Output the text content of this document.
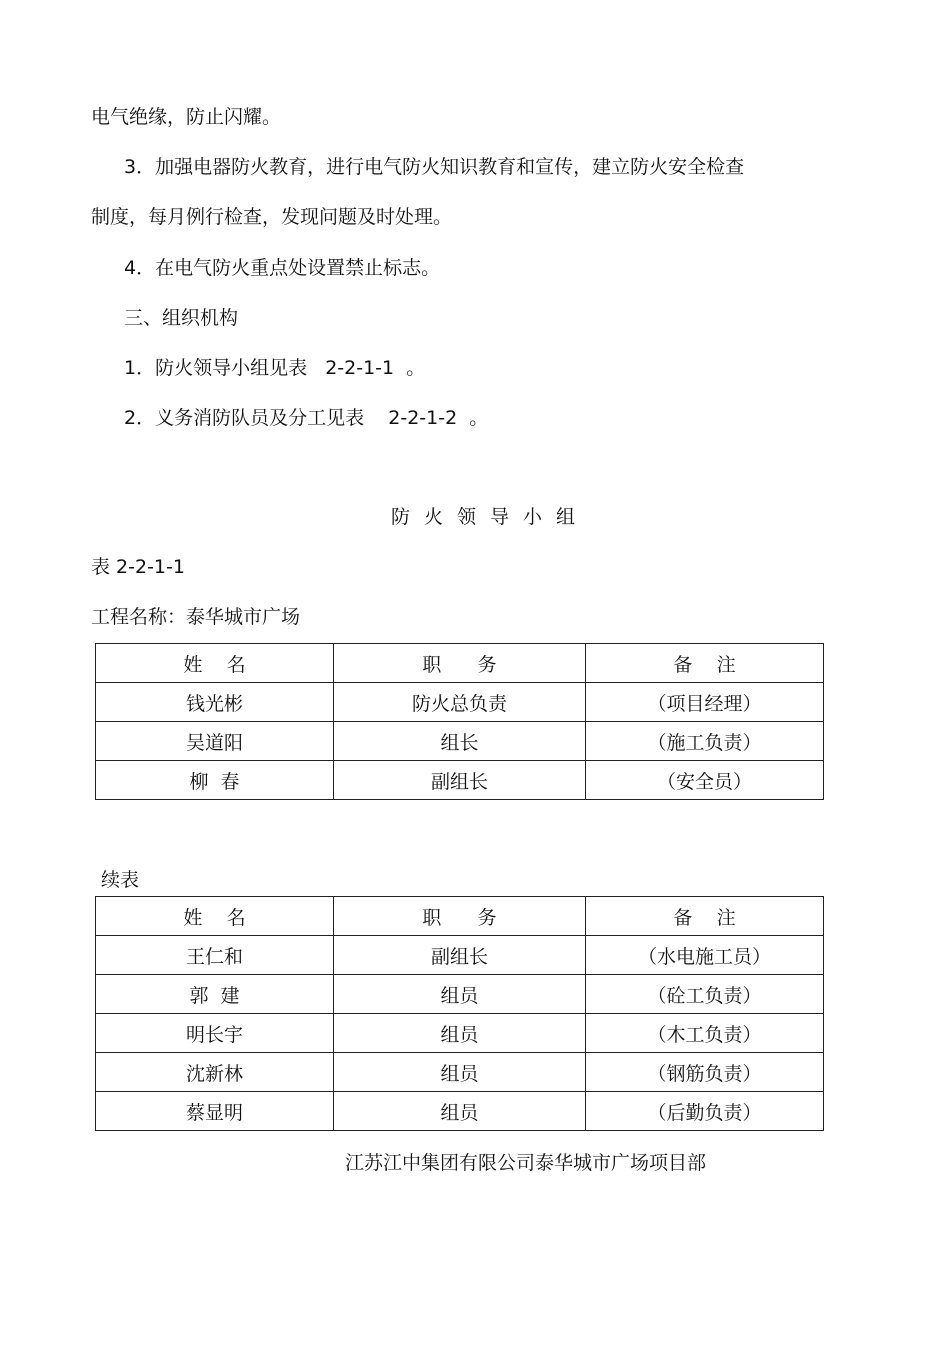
电气绝缘，防止闪耀。
3．加强电器防火教育，进行电气防火知识教育和宣传，建立防火安全检查
制度，每月例行检查，发现问题及时处理。
4．在电气防火重点处设置禁止标志。
三、组织机构
1．防火领导小组见表   2-2-1-1  。
2．义务消防队员及分工见表    2-2-1-2  。
防火领导小组
表 2-2-1-1
工程名称：泰华城市广场
姓    名	职      务	备    注
钱光彬	防火总负责	（项目经理）
吴道阳	组长	（施工负责）
柳  春	副组长	（安全员）
续表
姓    名	职      务	备    注
王仁和	副组长	（水电施工员）
郭  建	组员	（砼工负责）
明长宇	组员	（木工负责）
沈新林	组员	（钢筋负责）
蔡显明	组员	（后勤负责）
江苏江中集团有限公司泰华城市广场项目部
